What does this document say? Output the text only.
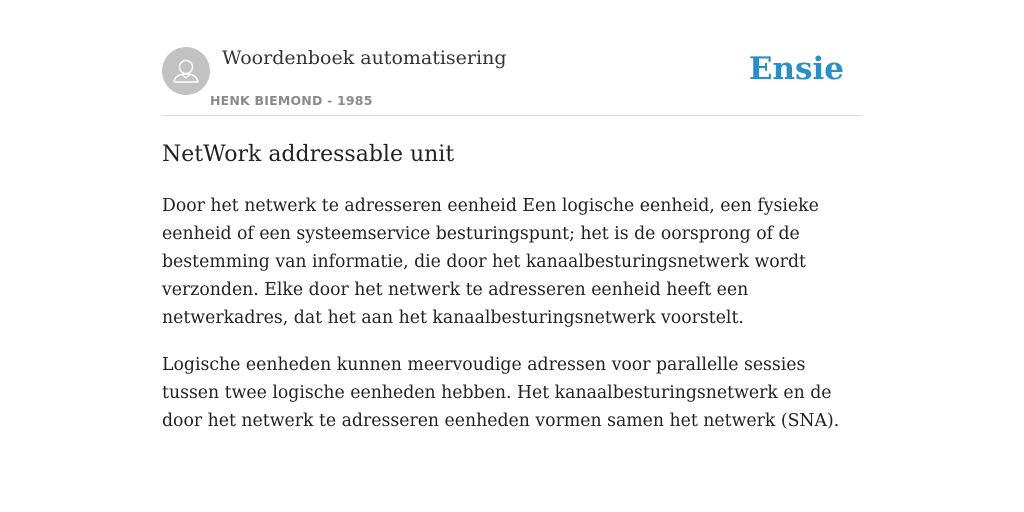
Woordenboek automatisering
HENK BIEMOND - 1985
Ensie
NetWork addressable unit

Door het netwerk te adresseren eenheid Een logische eenheid, een fysieke eenheid of een systeemservice besturingspunt; het is de oorsprong of de bestemming van informatie, die door het kanaalbesturingsnetwerk wordt verzonden. Elke door het netwerk te adresseren eenheid heeft een netwerkadres, dat het aan het kanaalbesturingsnetwerk voorstelt.

Logische eenheden kunnen meervoudige adressen voor parallelle sessies tussen twee logische eenheden hebben. Het kanaalbesturingsnetwerk en de door het netwerk te adresseren eenheden vormen samen het netwerk (SNA).
